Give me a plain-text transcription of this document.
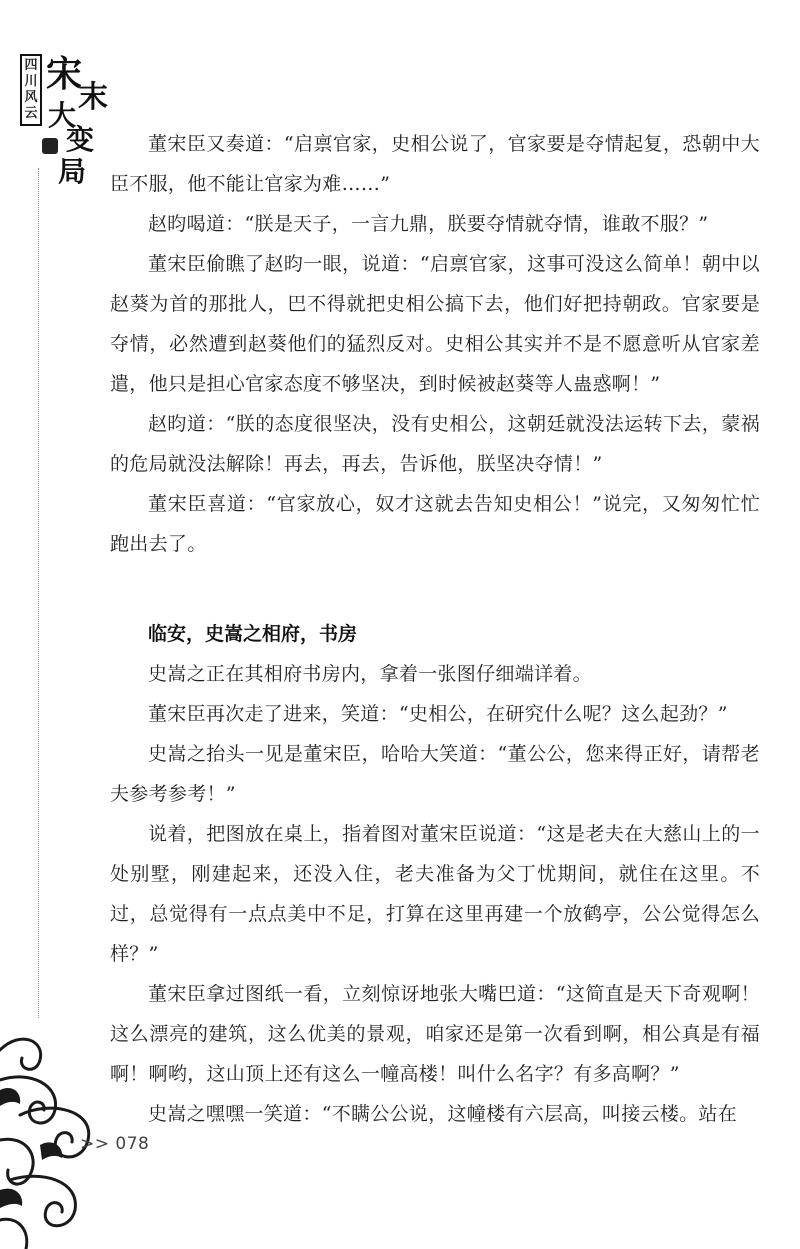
四
川
风
云
宋
末
大
变
局

董宋臣又奏道：“启禀官家，史相公说了，官家要是夺情起复，恐朝中大臣不服，他不能让官家为难……”

赵昀喝道：“朕是天子，一言九鼎，朕要夺情就夺情，谁敢不服？”

董宋臣偷瞧了赵昀一眼，说道：“启禀官家，这事可没这么简单！朝中以赵葵为首的那批人，巴不得就把史相公搞下去，他们好把持朝政。官家要是夺情，必然遭到赵葵他们的猛烈反对。史相公其实并不是不愿意听从官家差遣，他只是担心官家态度不够坚决，到时候被赵葵等人蛊惑啊！”

赵昀道：“朕的态度很坚决，没有史相公，这朝廷就没法运转下去，蒙祸的危局就没法解除！再去，再去，告诉他，朕坚决夺情！”

董宋臣喜道：“官家放心，奴才这就去告知史相公！”说完，又匆匆忙忙跑出去了。

临安，史嵩之相府，书房

史嵩之正在其相府书房内，拿着一张图仔细端详着。

董宋臣再次走了进来，笑道：“史相公，在研究什么呢？这么起劲？”

史嵩之抬头一见是董宋臣，哈哈大笑道：“董公公，您来得正好，请帮老夫参考参考！”

说着，把图放在桌上，指着图对董宋臣说道：“这是老夫在大慈山上的一处别墅，刚建起来，还没入住，老夫准备为父丁忧期间，就住在这里。不过，总觉得有一点点美中不足，打算在这里再建一个放鹤亭，公公觉得怎么样？”

董宋臣拿过图纸一看，立刻惊讶地张大嘴巴道：“这简直是天下奇观啊！这么漂亮的建筑，这么优美的景观，咱家还是第一次看到啊，相公真是有福啊！啊哟，这山顶上还有这么一幢高楼！叫什么名字？有多高啊？”

史嵩之嘿嘿一笑道：“不瞒公公说，这幢楼有六层高，叫接云楼。站在

>> 078
